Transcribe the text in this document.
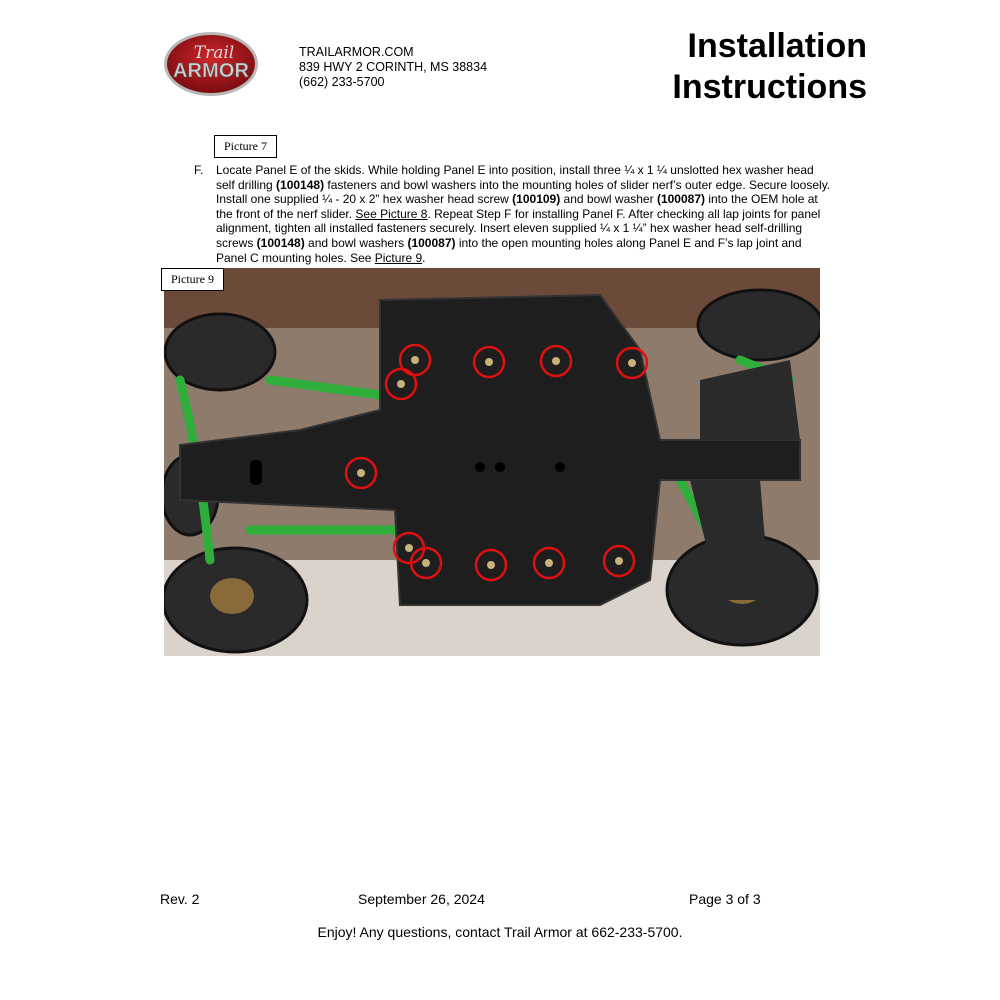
Trail
ARMOR
TRAILARMOR.COM
839 HWY 2 CORINTH, MS 38834
(662) 233-5700
Installation
Instructions
Picture 7
F. Locate Panel E of the skids. While holding Panel E into position, install three ¼ x 1 ¼ unslotted hex washer head self drilling (100148) fasteners and bowl washers into the mounting holes of slider nerf’s outer edge. Secure loosely. Install one supplied ¼ - 20 x 2” hex washer head screw (100109) and bowl washer (100087) into the OEM hole at the front of the nerf slider. See Picture 8. Repeat Step F for installing Panel F. After checking all lap joints for panel alignment, tighten all installed fasteners securely. Insert eleven supplied ¼ x 1 ¼” hex washer head self-drilling screws (100148) and bowl washers (100087) into the open mounting holes along Panel E and F’s lap joint and Panel C mounting holes. See Picture 9.
Picture 9
Rev. 2	September 26, 2024	Page 3 of 3
Enjoy! Any questions, contact Trail Armor at 662-233-5700.
